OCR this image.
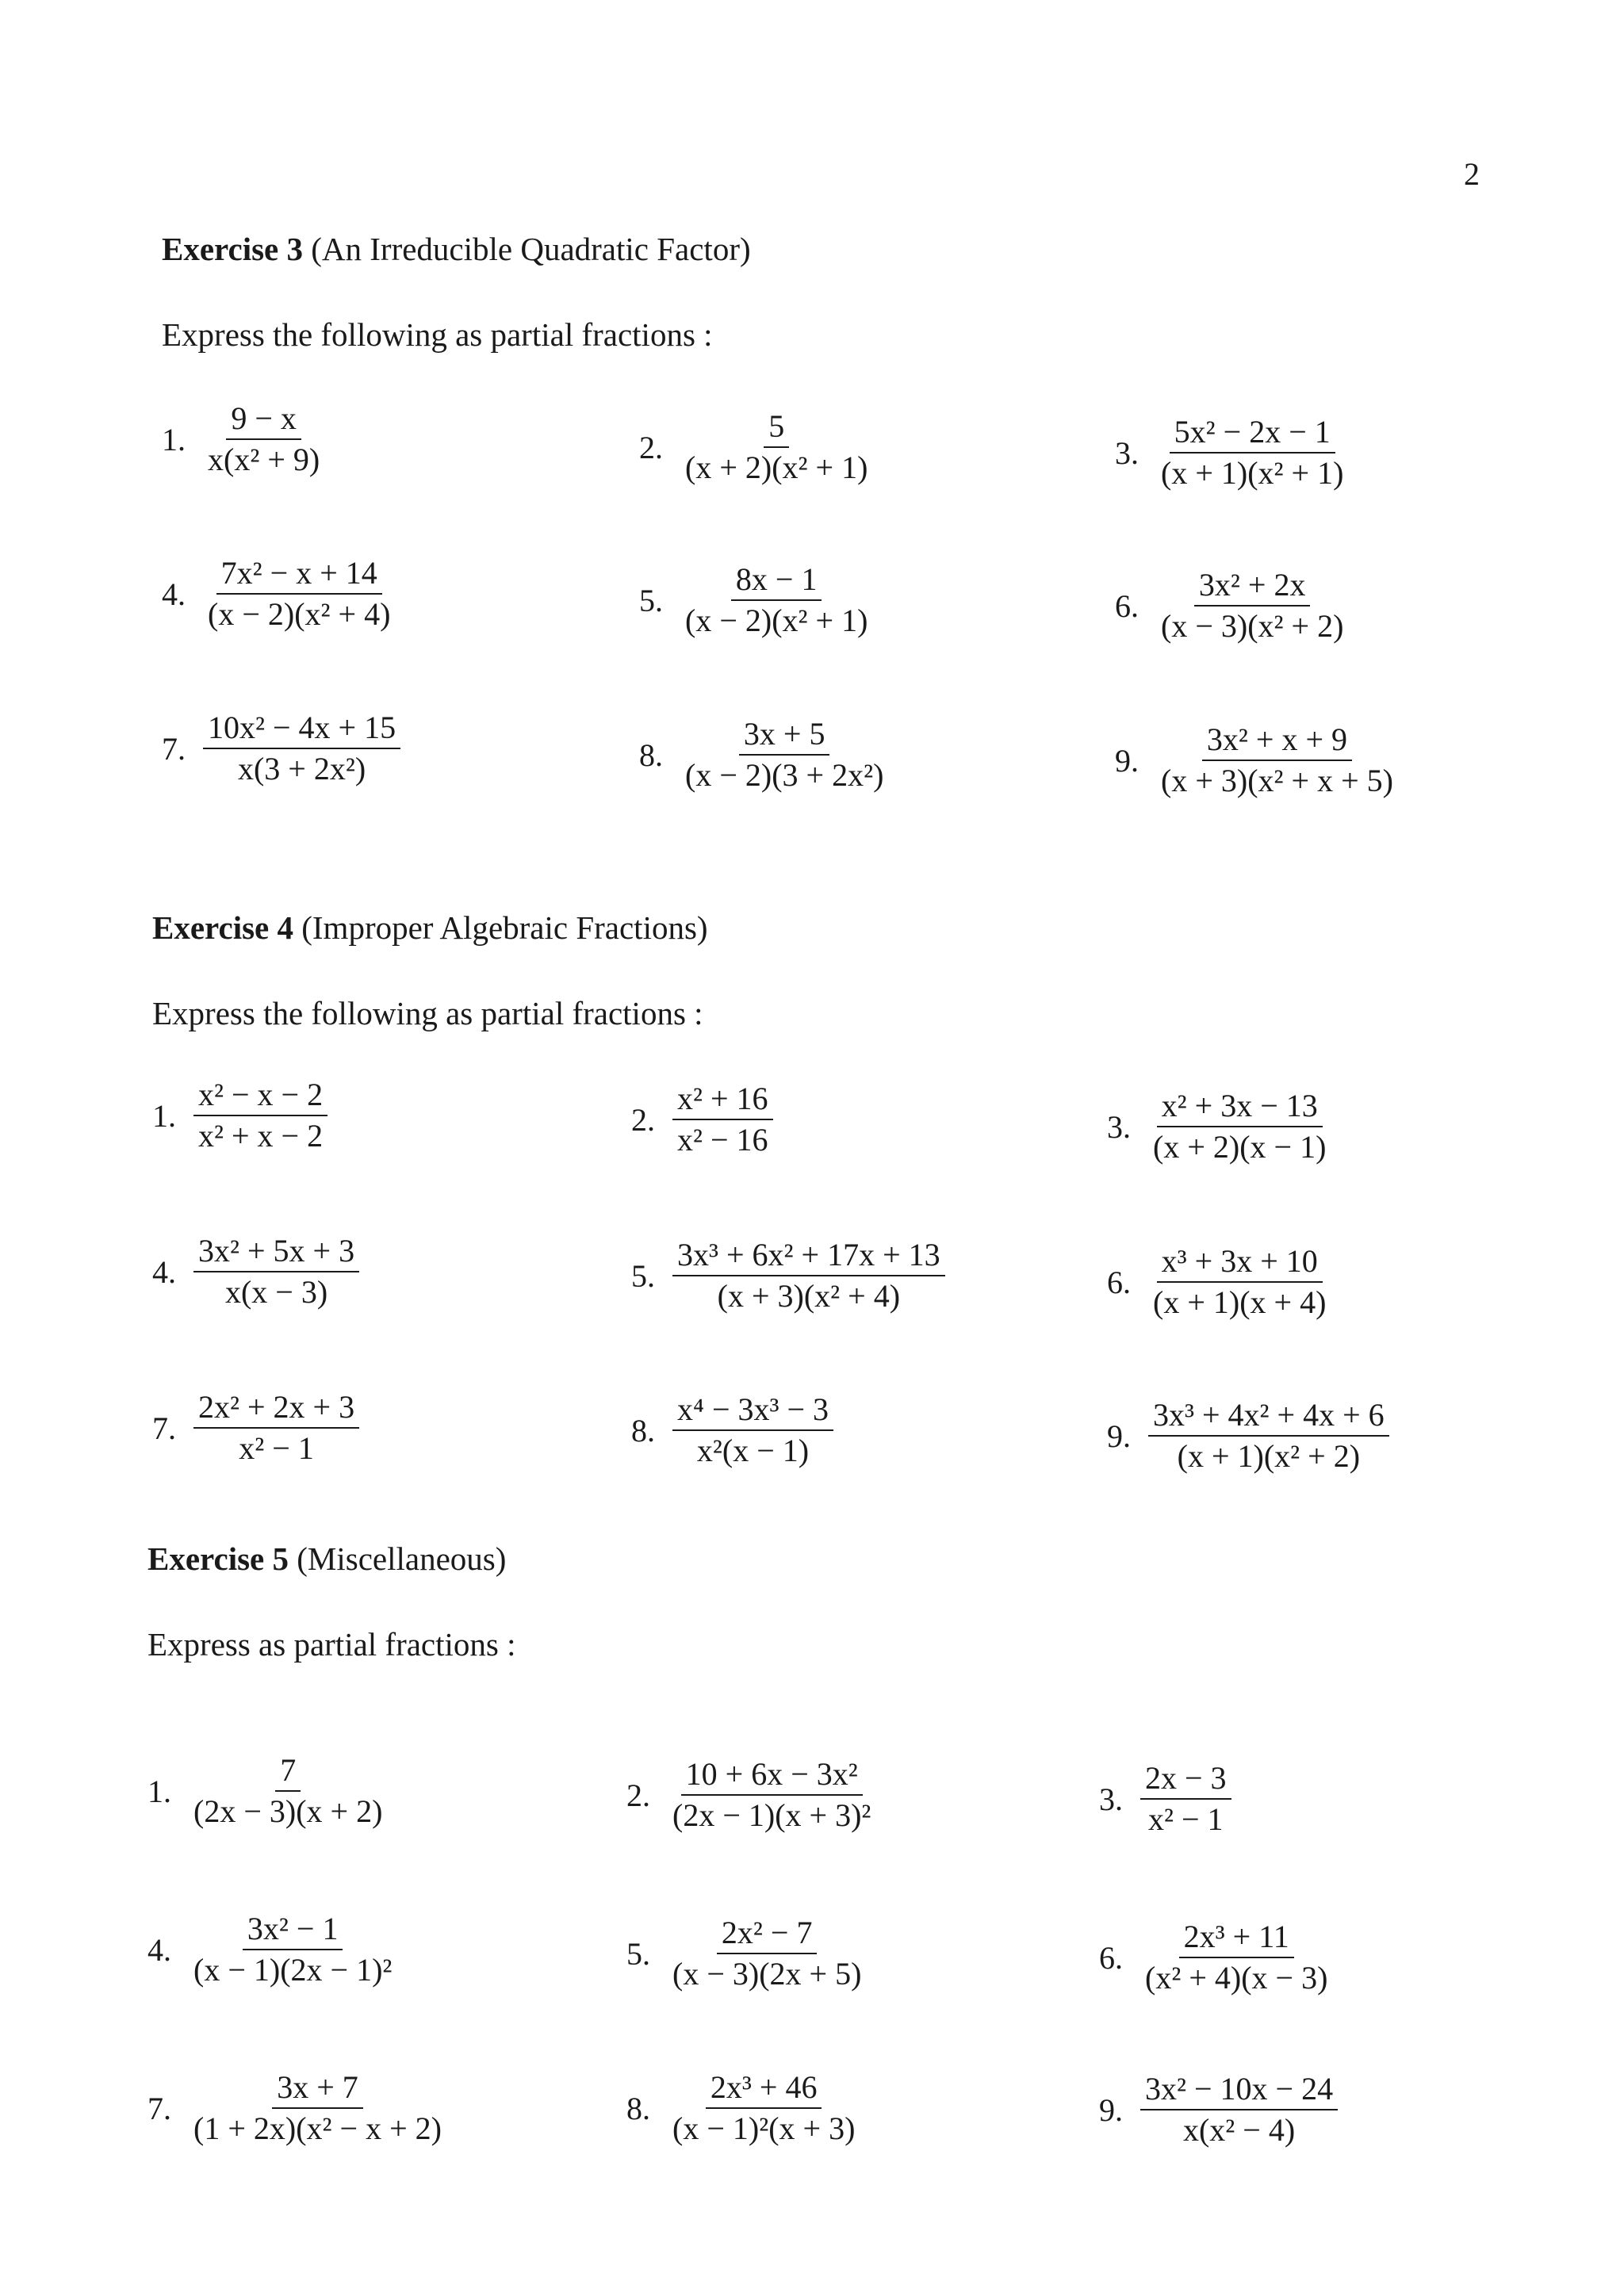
2
Exercise 3 (An Irreducible Quadratic Factor)
Express the following as partial fractions :
1. $\frac{9 - x}{\text{x(x² + 9)}}$	2. $\frac{5}{\text{(x + 2)(x² + 1)}}$	3. $\frac{\text{5x² − 2x − 1}}{\text{(x + 1)(x² + 1)}}$
4. $\frac{\text{7x² − x + 14}}{\text{(x − 2)(x² + 4)}}$	5. $\frac{8x - 1}{\text{(x − 2)(x² + 1)}}$	6. $\frac{\text{3x² + 2x}}{\text{(x − 3)(x² + 2)}}$
7. $\frac{\text{10x² − 4x + 15}}{\text{x(3 + 2x²)}}$	8. $\frac{3x + 5}{\text{(x − 2)(3 + 2x²)}}$	9. $\frac{\text{3x² + x + 9}}{\text{(x + 3)(x² + x + 5)}}$
Exercise 4 (Improper Algebraic Fractions)
Express the following as partial fractions :
1. $\frac{\text{x² − x − 2}}{\text{x² + x − 2}}$	2. $\frac{\text{x² + 16}}{\text{x² − 16}}$	3. $\frac{\text{x² + 3x − 13}}{(x + 2)(x - 1)}$
4. $\frac{\text{3x² + 5x + 3}}{x(x - 3)}$	5. $\frac{\text{3x³ + 6x² + 17x + 13}}{\text{(x + 3)(x² + 4)}}$	6. $\frac{\text{x³ + 3x + 10}}{(x + 1)(x + 4)}$
7. $\frac{\text{2x² + 2x + 3}}{\text{x² − 1}}$	8. $\frac{\text{x⁴ − 3x³ − 3}}{\text{x²(x − 1)}}$	9. $\frac{\text{3x³ + 4x² + 4x + 6}}{\text{(x + 1)(x² + 2)}}$
Exercise 5 (Miscellaneous)
Express as partial fractions :
1. $\frac{7}{(2x - 3)(x + 2)}$	2. $\frac{\text{10 + 6x − 3x²}}{\text{(2x − 1)(x + 3)²}}$	3. $\frac{2x - 3}{\text{x² − 1}}$
4. $\frac{\text{3x² − 1}}{\text{(x − 1)(2x − 1)²}}$	5. $\frac{\text{2x² − 7}}{(x - 3)(2x + 5)}$	6. $\frac{\text{2x³ + 11}}{\text{(x² + 4)(x − 3)}}$
7. $\frac{3x + 7}{\text{(1 + 2x)(x² − x + 2)}}$	8. $\frac{\text{2x³ + 46}}{\text{(x − 1)²(x + 3)}}$	9. $\frac{\text{3x² − 10x − 24}}{\text{x(x² − 4)}}$
